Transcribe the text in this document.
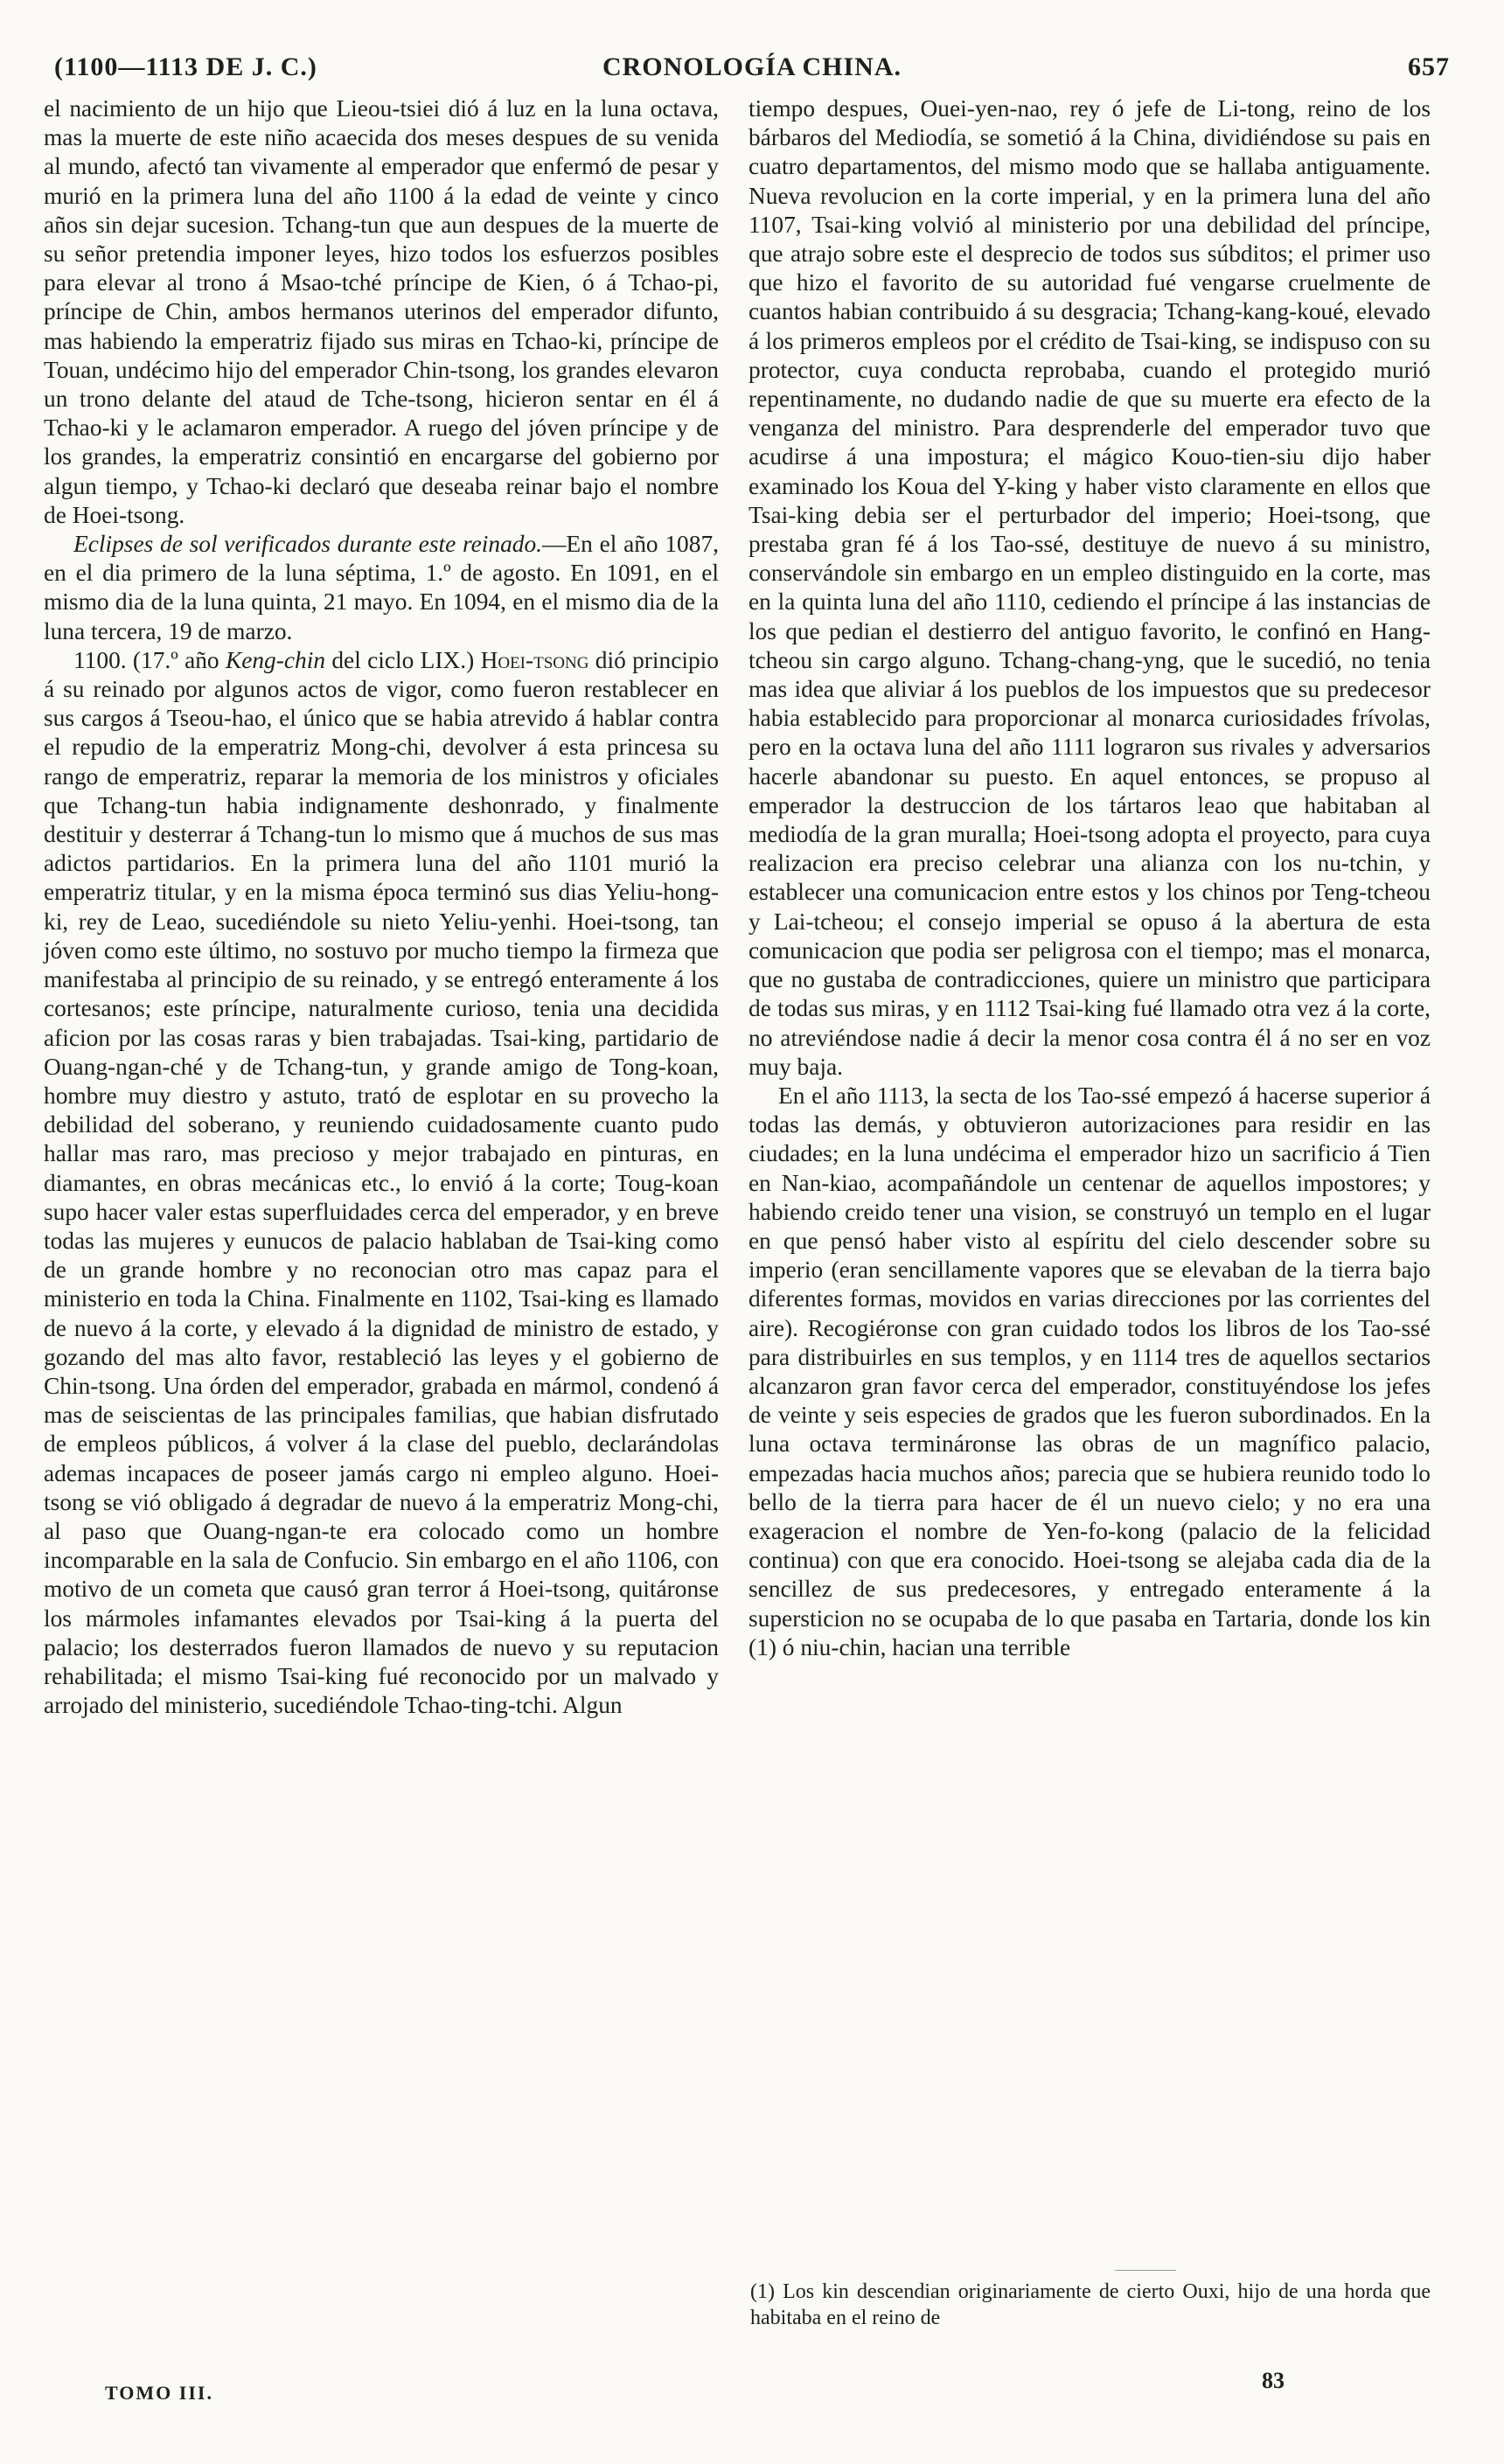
(1100—1113 DE J. C.)	CRONOLOGÍA CHINA.	657

el nacimiento de un hijo que Lieou-tsiei dió á luz en la luna octava, mas la muerte de este niño acaecida dos meses despues de su venida al mundo, afectó tan vivamente al emperador que enfermó de pesar y murió en la primera luna del año 1100 á la edad de veinte y cinco años sin dejar sucesion. Tchang-tun que aun despues de la muerte de su señor pretendia imponer leyes, hizo todos los esfuerzos posibles para elevar al trono á Msao-tché príncipe de Kien, ó á Tchao-pi, príncipe de Chin, ambos hermanos uterinos del emperador difunto, mas habiendo la emperatriz fijado sus miras en Tchao-ki, príncipe de Touan, undécimo hijo del emperador Chin-tsong, los grandes elevaron un trono delante del ataud de Tche-tsong, hicieron sentar en él á Tchao-ki y le aclamaron emperador. A ruego del jóven príncipe y de los grandes, la emperatriz consintió en encargarse del gobierno por algun tiempo, y Tchao-ki declaró que deseaba reinar bajo el nombre de Hoei-tsong.

Eclipses de sol verificados durante este reinado.—En el año 1087, en el dia primero de la luna séptima, 1.º de agosto. En 1091, en el mismo dia de la luna quinta, 21 mayo. En 1094, en el mismo dia de la luna tercera, 19 de marzo.

1100. (17.º año Keng-chin del ciclo LIX.) Hoei-tsong dió principio á su reinado por algunos actos de vigor, como fueron restablecer en sus cargos á Tseou-hao, el único que se habia atrevido á hablar contra el repudio de la emperatriz Mong-chi, devolver á esta princesa su rango de emperatriz, reparar la memoria de los ministros y oficiales que Tchang-tun habia indignamente deshonrado, y finalmente destituir y desterrar á Tchang-tun lo mismo que á muchos de sus mas adictos partidarios. En la primera luna del año 1101 murió la emperatriz titular, y en la misma época terminó sus dias Yeliu-hong-ki, rey de Leao, sucediéndole su nieto Yeliu-yenhi. Hoei-tsong, tan jóven como este último, no sostuvo por mucho tiempo la firmeza que manifestaba al principio de su reinado, y se entregó enteramente á los cortesanos; este príncipe, naturalmente curioso, tenia una decidida aficion por las cosas raras y bien trabajadas. Tsai-king, partidario de Ouang-ngan-ché y de Tchang-tun, y grande amigo de Tong-koan, hombre muy diestro y astuto, trató de esplotar en su provecho la debilidad del soberano, y reuniendo cuidadosamente cuanto pudo hallar mas raro, mas precioso y mejor trabajado en pinturas, en diamantes, en obras mecánicas etc., lo envió á la corte; Toug-koan supo hacer valer estas superfluidades cerca del emperador, y en breve todas las mujeres y eunucos de palacio hablaban de Tsai-king como de un grande hombre y no reconocian otro mas capaz para el ministerio en toda la China. Finalmente en 1102, Tsai-king es llamado de nuevo á la corte, y elevado á la dignidad de ministro de estado, y gozando del mas alto favor, restableció las leyes y el gobierno de Chin-tsong. Una órden del emperador, grabada en mármol, condenó á mas de seiscientas de las principales familias, que habian disfrutado de empleos públicos, á volver á la clase del pueblo, declarándolas ademas incapaces de poseer jamás cargo ni empleo alguno. Hoei-tsong se vió obligado á degradar de nuevo á la emperatriz Mong-chi, al paso que Ouang-ngan-te era colocado como un hombre incomparable en la sala de Confucio. Sin embargo en el año 1106, con motivo de un cometa que causó gran terror á Hoei-tsong, quitáronse los mármoles infamantes elevados por Tsai-king á la puerta del palacio; los desterrados fueron llamados de nuevo y su reputacion rehabilitada; el mismo Tsai-king fué reconocido por un malvado y arrojado del ministerio, sucediéndole Tchao-ting-tchi. Algun

tiempo despues, Ouei-yen-nao, rey ó jefe de Li-tong, reino de los bárbaros del Mediodía, se sometió á la China, dividiéndose su pais en cuatro departamentos, del mismo modo que se hallaba antiguamente. Nueva revolucion en la corte imperial, y en la primera luna del año 1107, Tsai-king volvió al ministerio por una debilidad del príncipe, que atrajo sobre este el desprecio de todos sus súbditos; el primer uso que hizo el favorito de su autoridad fué vengarse cruelmente de cuantos habian contribuido á su desgracia; Tchang-kang-koué, elevado á los primeros empleos por el crédito de Tsai-king, se indispuso con su protector, cuya conducta reprobaba, cuando el protegido murió repentinamente, no dudando nadie de que su muerte era efecto de la venganza del ministro. Para desprenderle del emperador tuvo que acudirse á una impostura; el mágico Kouo-tien-siu dijo haber examinado los Koua del Y-king y haber visto claramente en ellos que Tsai-king debia ser el perturbador del imperio; Hoei-tsong, que prestaba gran fé á los Tao-ssé, destituye de nuevo á su ministro, conservándole sin embargo en un empleo distinguido en la corte, mas en la quinta luna del año 1110, cediendo el príncipe á las instancias de los que pedian el destierro del antiguo favorito, le confinó en Hang-tcheou sin cargo alguno. Tchang-chang-yng, que le sucedió, no tenia mas idea que aliviar á los pueblos de los impuestos que su predecesor habia establecido para proporcionar al monarca curiosidades frívolas, pero en la octava luna del año 1111 lograron sus rivales y adversarios hacerle abandonar su puesto. En aquel entonces, se propuso al emperador la destruccion de los tártaros leao que habitaban al mediodía de la gran muralla; Hoei-tsong adopta el proyecto, para cuya realizacion era preciso celebrar una alianza con los nu-tchin, y establecer una comunicacion entre estos y los chinos por Teng-tcheou y Lai-tcheou; el consejo imperial se opuso á la abertura de esta comunicacion que podia ser peligrosa con el tiempo; mas el monarca, que no gustaba de contradicciones, quiere un ministro que participara de todas sus miras, y en 1112 Tsai-king fué llamado otra vez á la corte, no atreviéndose nadie á decir la menor cosa contra él á no ser en voz muy baja.

En el año 1113, la secta de los Tao-ssé empezó á hacerse superior á todas las demás, y obtuvieron autorizaciones para residir en las ciudades; en la luna undécima el emperador hizo un sacrificio á Tien en Nan-kiao, acompañándole un centenar de aquellos impostores; y habiendo creido tener una vision, se construyó un templo en el lugar en que pensó haber visto al espíritu del cielo descender sobre su imperio (eran sencillamente vapores que se elevaban de la tierra bajo diferentes formas, movidos en varias direcciones por las corrientes del aire). Recogiéronse con gran cuidado todos los libros de los Tao-ssé para distribuirles en sus templos, y en 1114 tres de aquellos sectarios alcanzaron gran favor cerca del emperador, constituyéndose los jefes de veinte y seis especies de grados que les fueron subordinados. En la luna octava termináronse las obras de un magnífico palacio, empezadas hacia muchos años; parecia que se hubiera reunido todo lo bello de la tierra para hacer de él un nuevo cielo; y no era una exageracion el nombre de Yen-fo-kong (palacio de la felicidad continua) con que era conocido. Hoei-tsong se alejaba cada dia de la sencillez de sus predecesores, y entregado enteramente á la supersticion no se ocupaba de lo que pasaba en Tartaria, donde los kin (1) ó niu-chin, hacian una terrible

(1) Los kin descendian originariamente de cierto Ouxi, hijo de una horda que habitaba en el reino de
TOMO III.	83
